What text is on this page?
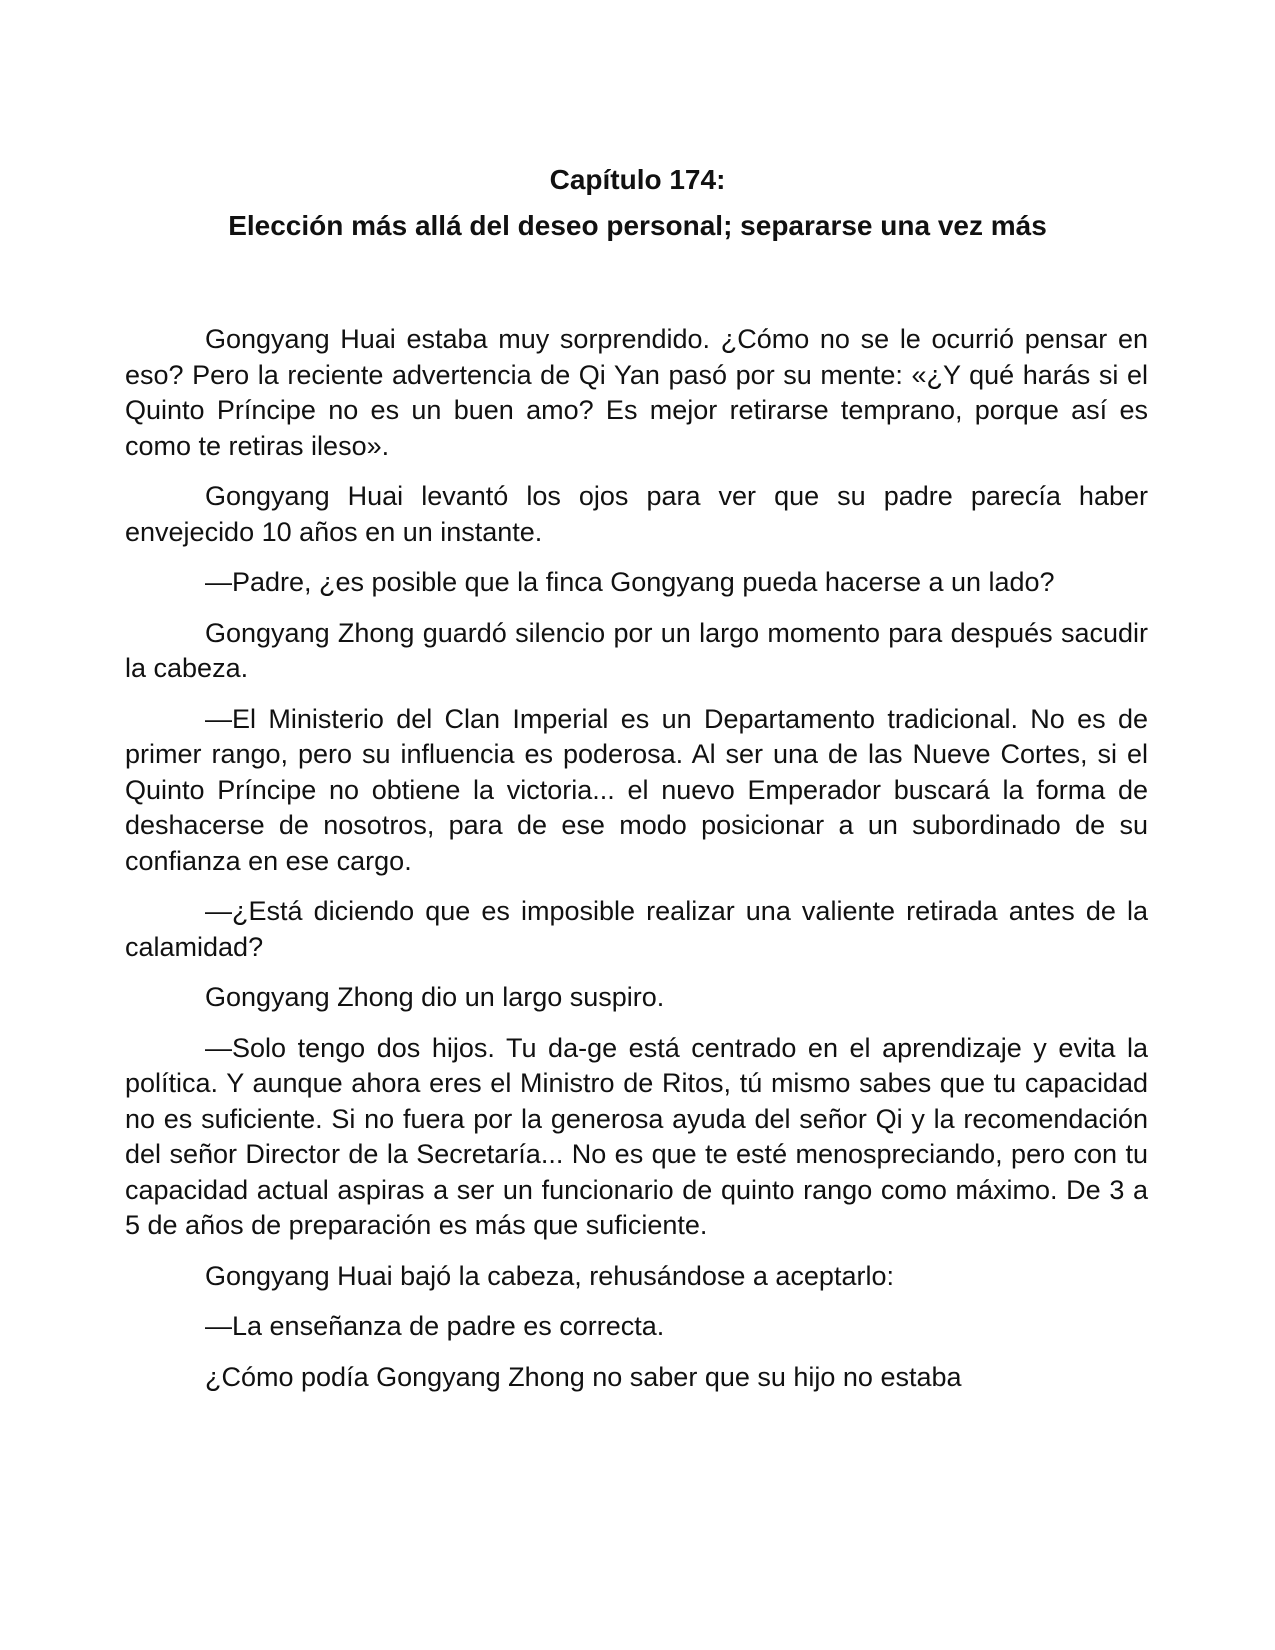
Capítulo 174:

Elección más allá del deseo personal; separarse una vez más

Gongyang Huai estaba muy sorprendido. ¿Cómo no se le ocurrió pensar en eso? Pero la reciente advertencia de Qi Yan pasó por su mente: «¿Y qué harás si el Quinto Príncipe no es un buen amo? Es mejor retirarse temprano, porque así es como te retiras ileso».

Gongyang Huai levantó los ojos para ver que su padre parecía haber envejecido 10 años en un instante.

—Padre, ¿es posible que la finca Gongyang pueda hacerse a un lado?

Gongyang Zhong guardó silencio por un largo momento para después sacudir la cabeza.

—El Ministerio del Clan Imperial es un Departamento tradicional. No es de primer rango, pero su influencia es poderosa. Al ser una de las Nueve Cortes, si el Quinto Príncipe no obtiene la victoria... el nuevo Emperador buscará la forma de deshacerse de nosotros, para de ese modo posicionar a un subordinado de su confianza en ese cargo.

—¿Está diciendo que es imposible realizar una valiente retirada antes de la calamidad?

Gongyang Zhong dio un largo suspiro.

—Solo tengo dos hijos. Tu da-ge está centrado en el aprendizaje y evita la política. Y aunque ahora eres el Ministro de Ritos, tú mismo sabes que tu capacidad no es suficiente. Si no fuera por la generosa ayuda del señor Qi y la recomendación del señor Director de la Secretaría... No es que te esté menospreciando, pero con tu capacidad actual aspiras a ser un funcionario de quinto rango como máximo. De 3 a 5 de años de preparación es más que suficiente.

Gongyang Huai bajó la cabeza, rehusándose a aceptarlo:

—La enseñanza de padre es correcta.

¿Cómo podía Gongyang Zhong no saber que su hijo no estaba
